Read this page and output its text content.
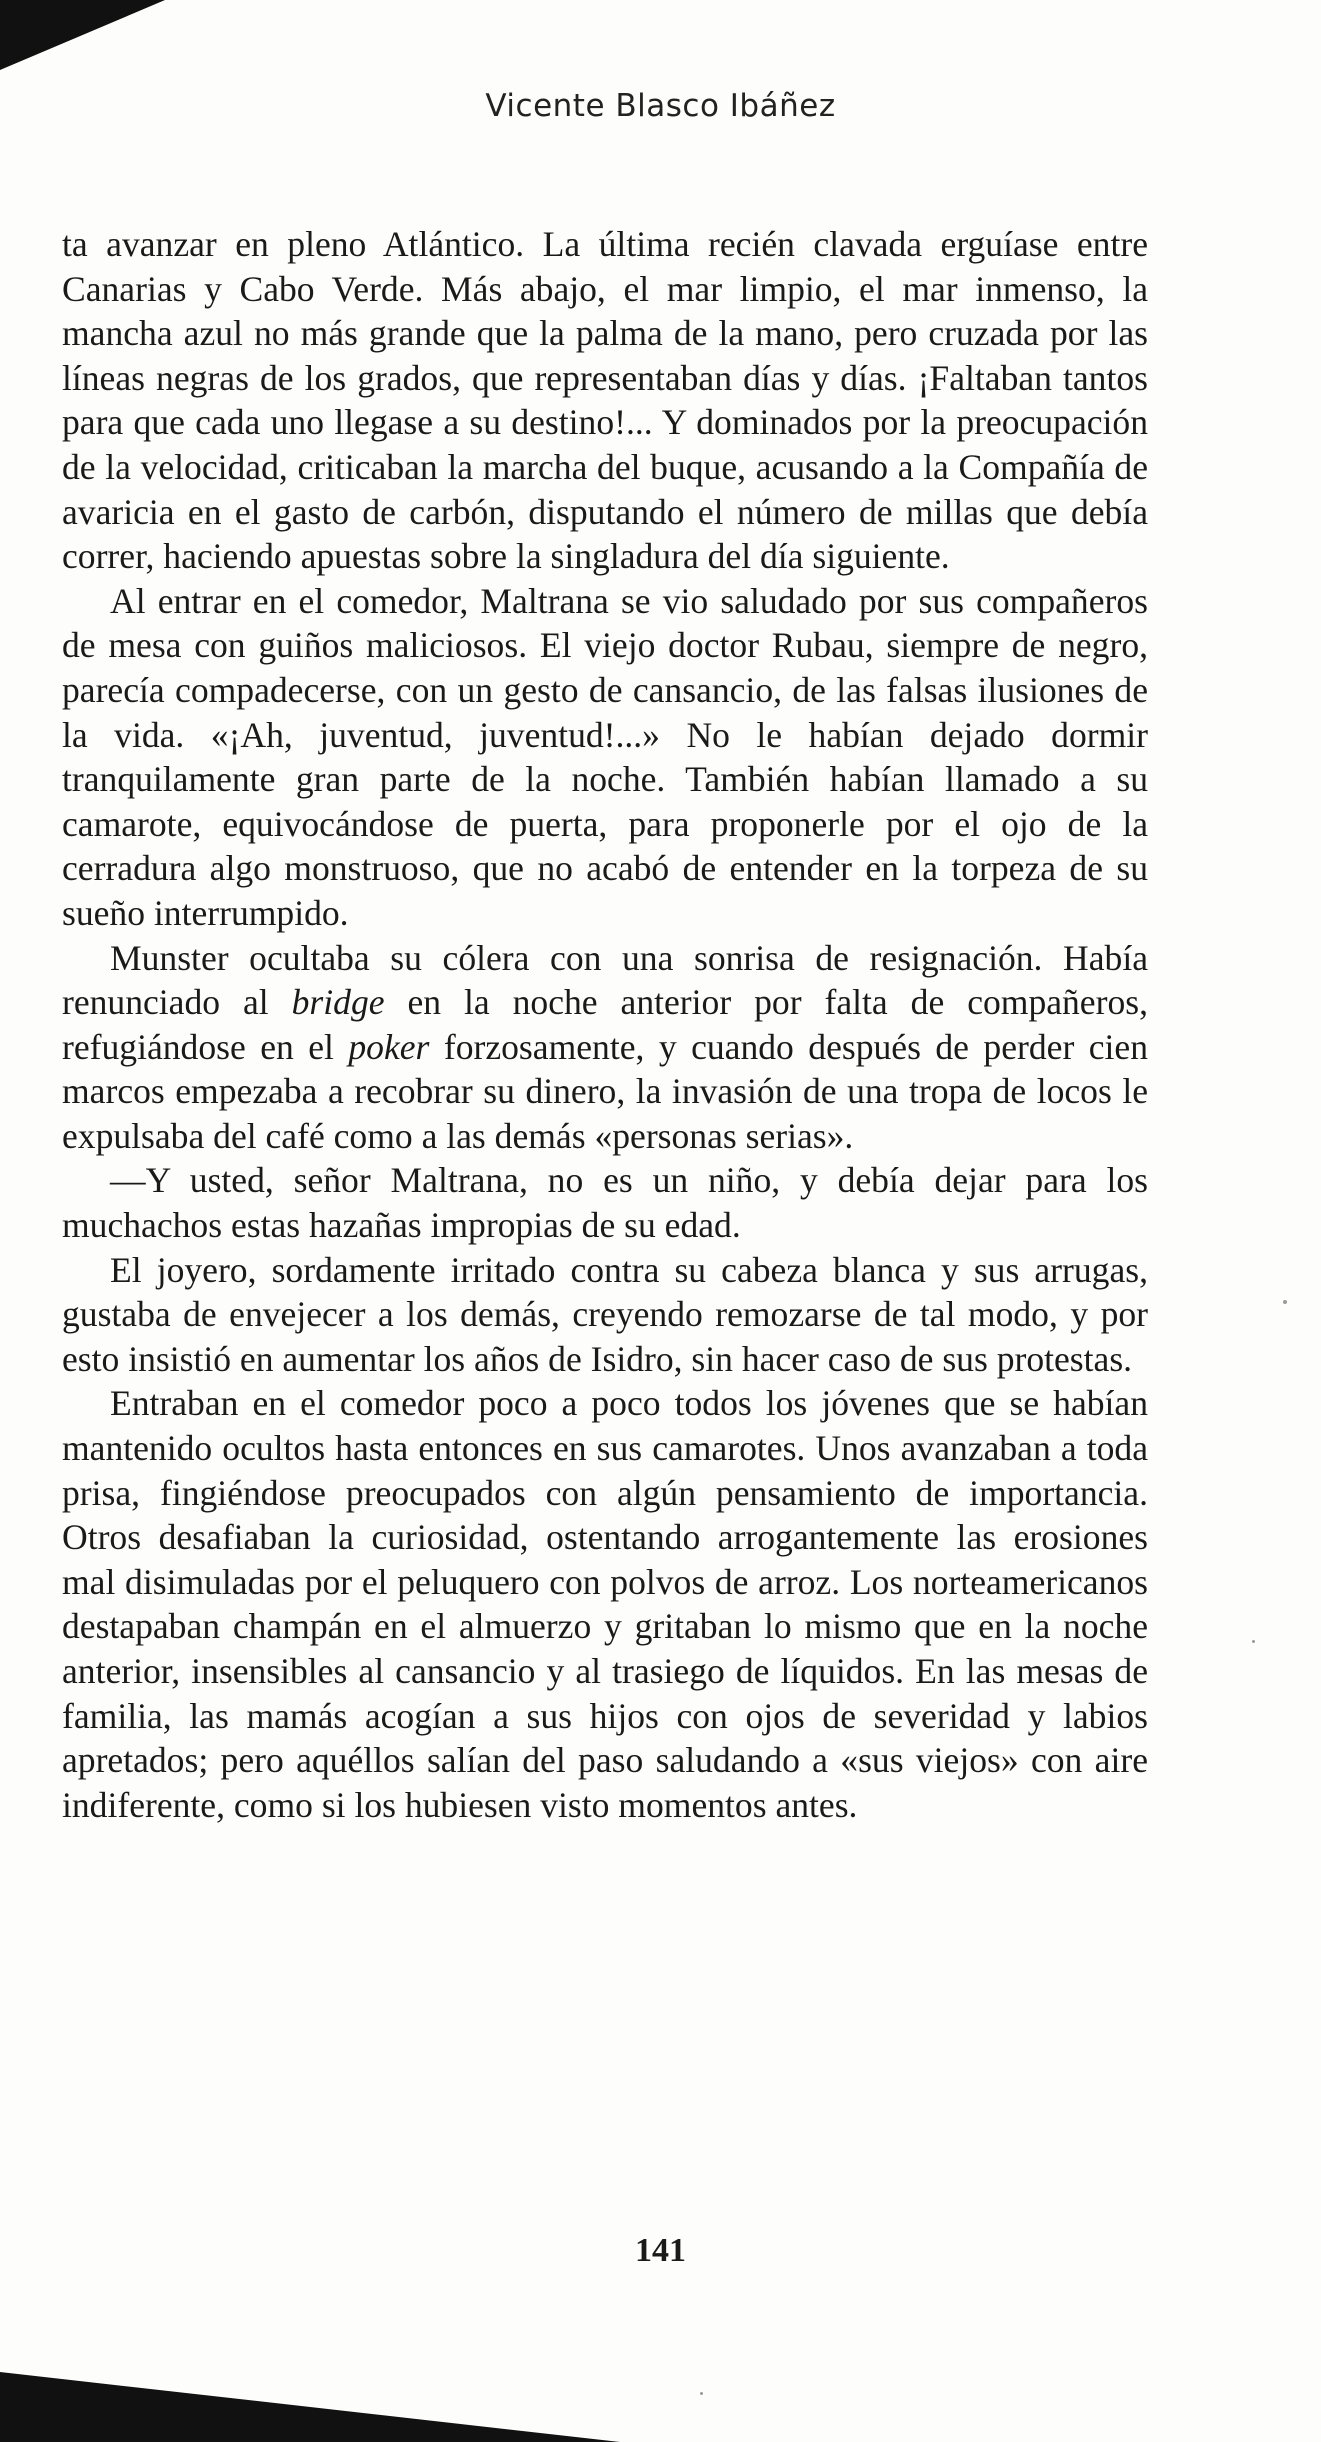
Vicente Blasco Ibáñez

ta avanzar en pleno Atlántico. La última recién clavada erguíase entre Canarias y Cabo Verde. Más abajo, el mar limpio, el mar inmenso, la mancha azul no más grande que la palma de la mano, pero cruzada por las líneas negras de los grados, que representaban días y días. ¡Faltaban tantos para que cada uno llegase a su destino!... Y dominados por la preocupación de la velocidad, criticaban la marcha del buque, acusando a la Compañía de avaricia en el gasto de carbón, disputando el número de millas que debía correr, haciendo apuestas sobre la singladura del día siguiente.

Al entrar en el comedor, Maltrana se vio saludado por sus compañeros de mesa con guiños maliciosos. El viejo doctor Rubau, siempre de negro, parecía compadecerse, con un gesto de cansancio, de las falsas ilusiones de la vida. «¡Ah, juventud, juventud!...» No le habían dejado dormir tranquilamente gran parte de la noche. También habían llamado a su camarote, equivocándose de puerta, para proponerle por el ojo de la cerradura algo monstruoso, que no acabó de entender en la torpeza de su sueño interrumpido.

Munster ocultaba su cólera con una sonrisa de resignación. Había renunciado al bridge en la noche anterior por falta de compañeros, refugiándose en el poker forzosamente, y cuando después de perder cien marcos empezaba a recobrar su dinero, la invasión de una tropa de locos le expulsaba del café como a las demás «personas serias».

—Y usted, señor Maltrana, no es un niño, y debía dejar para los muchachos estas hazañas impropias de su edad.

El joyero, sordamente irritado contra su cabeza blanca y sus arrugas, gustaba de envejecer a los demás, creyendo remozarse de tal modo, y por esto insistió en aumentar los años de Isidro, sin hacer caso de sus protestas.

Entraban en el comedor poco a poco todos los jóvenes que se habían mantenido ocultos hasta entonces en sus camarotes. Unos avanzaban a toda prisa, fingiéndose preocupados con algún pensamiento de importancia. Otros desafiaban la curiosidad, ostentando arrogantemente las erosiones mal disimuladas por el peluquero con polvos de arroz. Los norteamericanos destapaban champán en el almuerzo y gritaban lo mismo que en la noche anterior, insensibles al cansancio y al trasiego de líquidos. En las mesas de familia, las mamás acogían a sus hijos con ojos de severidad y labios apretados; pero aquéllos salían del paso saludando a «sus viejos» con aire indiferente, como si los hubiesen visto momentos antes.

141
